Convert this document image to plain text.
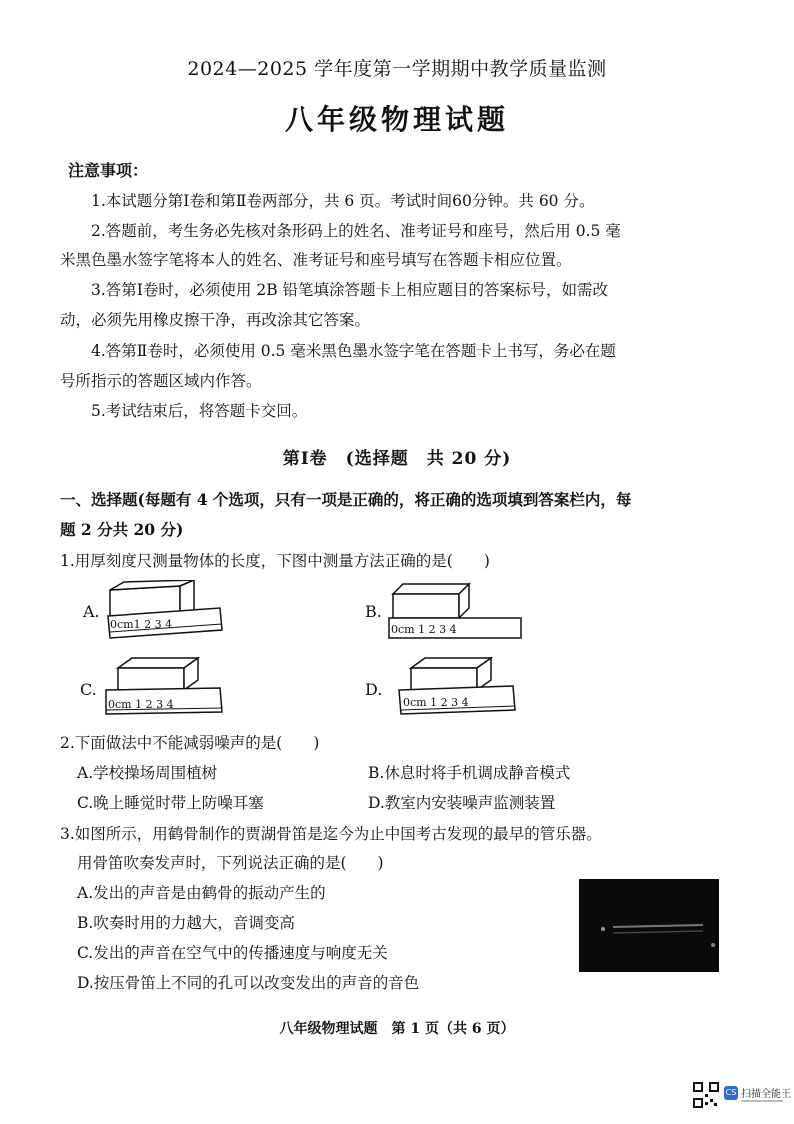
2024—2025 学年度第一学期期中教学质量监测
八年级物理试题
注意事项：
1.本试题分第Ⅰ卷和第Ⅱ卷两部分，共 6 页。考试时间60分钟。共 60 分。
2.答题前，考生务必先核对条形码上的姓名、准考证号和座号，然后用 0.5 毫
米黑色墨水签字笔将本人的姓名、准考证号和座号填写在答题卡相应位置。
3.答第Ⅰ卷时，必须使用 2B 铅笔填涂答题卡上相应题目的答案标号，如需改
动，必须先用橡皮擦干净，再改涂其它答案。
4.答第Ⅱ卷时，必须使用 0.5 毫米黑色墨水签字笔在答题卡上书写，务必在题
号所指示的答题区域内作答。
5.考试结束后，将答题卡交回。
第Ⅰ卷　(选择题　共 20 分)
一、选择题(每题有 4 个选项，只有一项是正确的，将正确的选项填到答案栏内，每
题 2 分共 20 分)
1.用厚刻度尺测量物体的长度，下图中测量方法正确的是(　　)
A.
0cm1 2 3 4
B.
0cm 1 2 3 4
C.
0cm 1 2 3 4
D.
0cm 1 2 3 4
2.下面做法中不能减弱噪声的是(　　)
A.学校操场周围植树	B.休息时将手机调成静音模式
C.晚上睡觉时带上防噪耳塞	D.教室内安装噪声监测装置
3.如图所示，用鹤骨制作的贾湖骨笛是迄今为止中国考古发现的最早的管乐器。
用骨笛吹奏发声时，下列说法正确的是(　　)
A.发出的声音是由鹤骨的振动产生的
B.吹奏时用的力越大，音调变高
C.发出的声音在空气中的传播速度与响度无关
D.按压骨笛上不同的孔可以改变发出的声音的音色
八年级物理试题　第 1 页（共 6 页）
CS 扫描全能王
